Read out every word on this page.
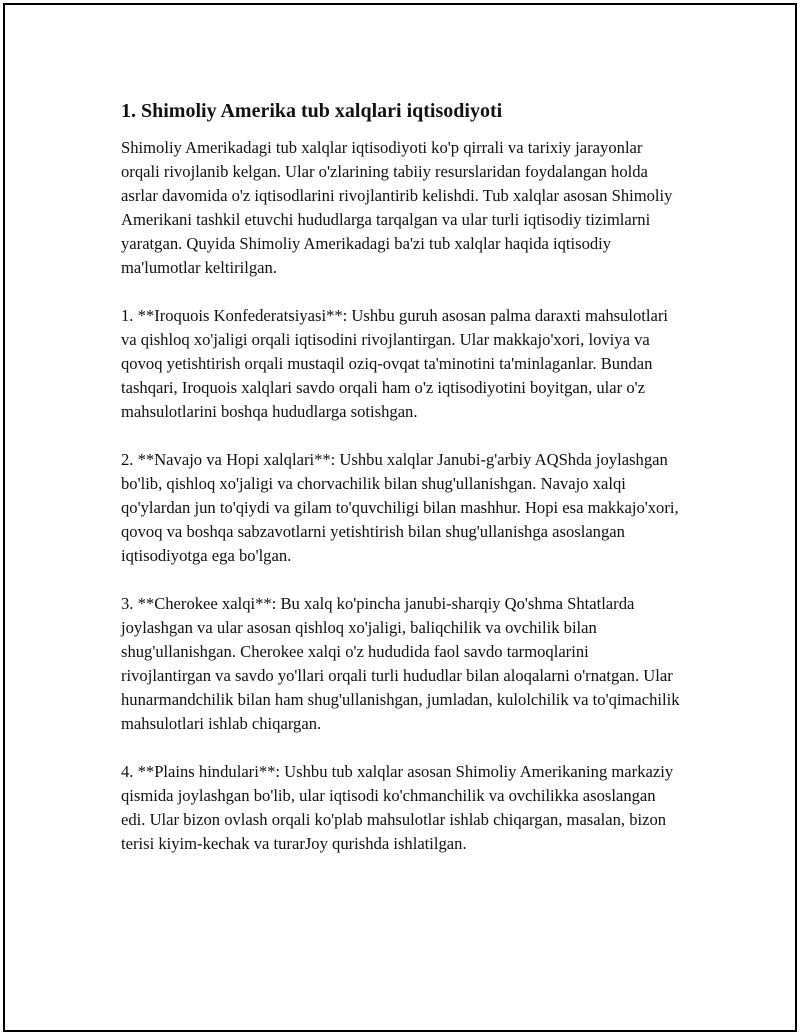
1. Shimoliy Amerika tub xalqlari iqtisodiyoti

Shimoliy Amerikadagi tub xalqlar iqtisodiyoti ko'p qirrali va tarixiy jarayonlar orqali rivojlanib kelgan. Ular o'zlarining tabiiy resurslaridan foydalangan holda asrlar davomida o'z iqtisodlarini rivojlantirib kelishdi. Tub xalqlar asosan Shimoliy Amerikani tashkil etuvchi hududlarga tarqalgan va ular turli iqtisodiy tizimlarni yaratgan. Quyida Shimoliy Amerikadagi ba'zi tub xalqlar haqida iqtisodiy ma'lumotlar keltirilgan.

1. **Iroquois Konfederatsiyasi**: Ushbu guruh asosan palma daraxti mahsulotlari va qishloq xo'jaligi orqali iqtisodini rivojlantirgan. Ular makkajo'xori, loviya va qovoq yetishtirish orqali mustaqil oziq-ovqat ta'minotini ta'minlaganlar. Bundan tashqari, Iroquois xalqlari savdo orqali ham o'z iqtisodiyotini boyitgan, ular o'z mahsulotlarini boshqa hududlarga sotishgan.

2. **Navajo va Hopi xalqlari**: Ushbu xalqlar Janubi-g'arbiy AQShda joylashgan bo'lib, qishloq xo'jaligi va chorvachilik bilan shug'ullanishgan. Navajo xalqi qo'ylardan jun to'qiydi va gilam to'quvchiligi bilan mashhur. Hopi esa makkajo'xori, qovoq va boshqa sabzavotlarni yetishtirish bilan shug'ullanishga asoslangan iqtisodiyotga ega bo'lgan.

3. **Cherokee xalqi**: Bu xalq ko'pincha janubi-sharqiy Qo'shma Shtatlarda joylashgan va ular asosan qishloq xo'jaligi, baliqchilik va ovchilik bilan shug'ullanishgan. Cherokee xalqi o'z hududida faol savdo tarmoqlarini rivojlantirgan va savdo yo'llari orqali turli hududlar bilan aloqalarni o'rnatgan. Ular hunarmandchilik bilan ham shug'ullanishgan, jumladan, kulolchilik va to'qimachilik mahsulotlari ishlab chiqargan.

4. **Plains hindulari**: Ushbu tub xalqlar asosan Shimoliy Amerikaning markaziy qismida joylashgan bo'lib, ular iqtisodi ko'chmanchilik va ovchilikka asoslangan edi. Ular bizon ovlash orqali ko'plab mahsulotlar ishlab chiqargan, masalan, bizon terisi kiyim-kechak va turarJoy qurishda ishlatilgan.
